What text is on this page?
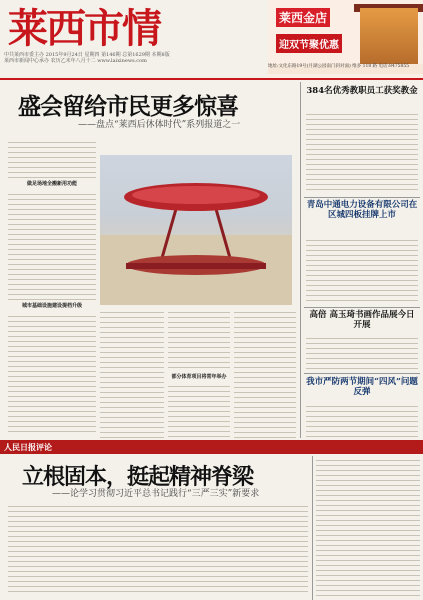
莱西市情
中共莱西市委主办 2015年9月24日 星期四 第146期 总第1629期 本期8版
莱西市新闻中心承办 农历乙未年八月十二 www.laixinews.com
莱西金店
迎双节聚优惠
地址:文化东路19号(月湖公园南门斜对面) 维多 118 路 电话:8475855
盛会留给市民更多惊喜
——盘点“莱西后休体时代”系列报道之一
做足场地全搬新用功能
城市基础设施建设提档升级
部分体育项目将常年举办
384名优秀教职员工获奖教金
青岛中通电力设备有限公司在区城四板挂牌上市
高倍 高玉琦书画作品展今日开展
我市严防两节期间“四风”问题反弹
人民日报评论
立根固本，挺起精神脊梁
——论学习贯彻习近平总书记践行“三严三实”新要求
